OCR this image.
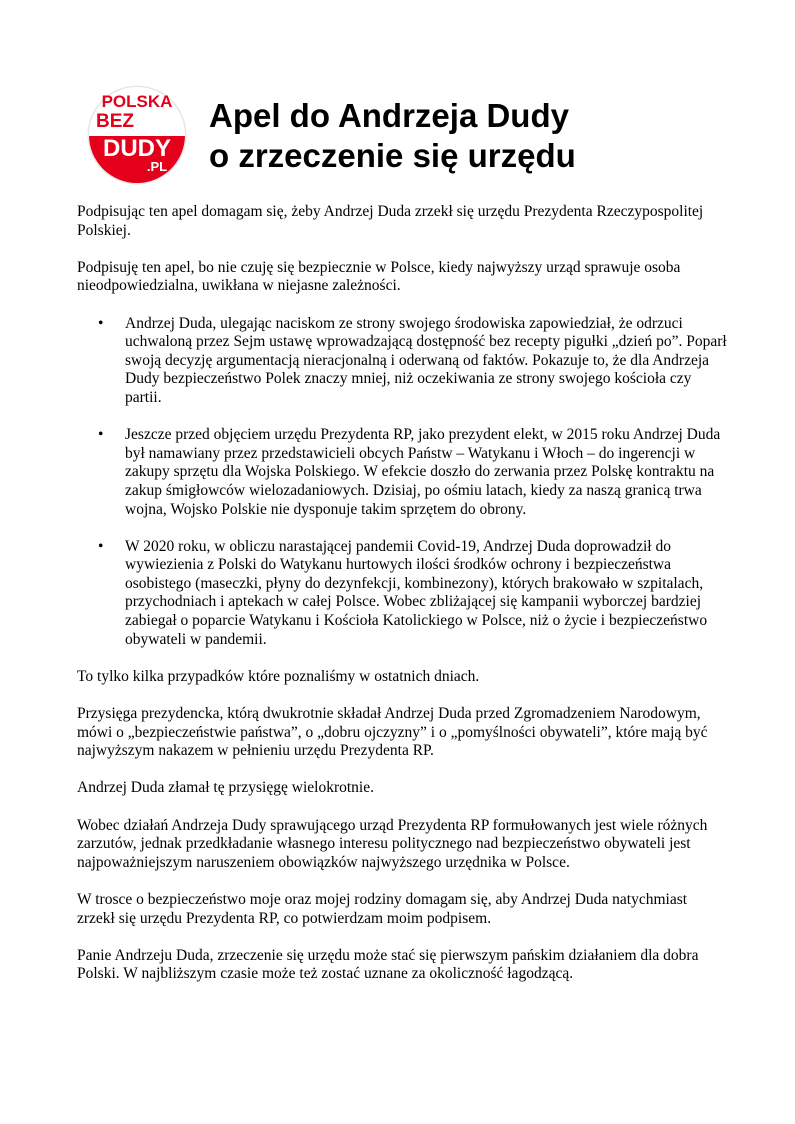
POLSKA
BEZ
DUDY
.PL
Apel do Andrzeja Dudy
o zrzeczenie się urzędu

Podpisując ten apel domagam się, żeby Andrzej Duda zrzekł się urzędu Prezydenta Rzeczypospolitej Polskiej.

Podpisuję ten apel, bo nie czuję się bezpiecznie w Polsce, kiedy najwyższy urząd sprawuje osoba nieodpowiedzialna, uwikłana w niejasne zależności.

• Andrzej Duda, ulegając naciskom ze strony swojego środowiska zapowiedział, że odrzuci uchwaloną przez Sejm ustawę wprowadzającą dostępność bez recepty pigułki „dzień po”. Poparł swoją decyzję argumentacją nieracjonalną i oderwaną od faktów. Pokazuje to, że dla Andrzeja Dudy bezpieczeństwo Polek znaczy mniej, niż oczekiwania ze strony swojego kościoła czy partii.
• Jeszcze przed objęciem urzędu Prezydenta RP, jako prezydent elekt, w 2015 roku Andrzej Duda był namawiany przez przedstawicieli obcych Państw – Watykanu i Włoch – do ingerencji w zakupy sprzętu dla Wojska Polskiego. W efekcie doszło do zerwania przez Polskę kontraktu na zakup śmigłowców wielozadaniowych. Dzisiaj, po ośmiu latach, kiedy za naszą granicą trwa wojna, Wojsko Polskie nie dysponuje takim sprzętem do obrony.
• W 2020 roku, w obliczu narastającej pandemii Covid-19, Andrzej Duda doprowadził do wywiezienia z Polski do Watykanu hurtowych ilości środków ochrony i bezpieczeństwa osobistego (maseczki, płyny do dezynfekcji, kombinezony), których brakowało w szpitalach, przychodniach i aptekach w całej Polsce. Wobec zbliżającej się kampanii wyborczej bardziej zabiegał o poparcie Watykanu i Kościoła Katolickiego w Polsce, niż o życie i bezpieczeństwo obywateli w pandemii.

To tylko kilka przypadków które poznaliśmy w ostatnich dniach.

Przysięga prezydencka, którą dwukrotnie składał Andrzej Duda przed Zgromadzeniem Narodowym, mówi o „bezpieczeństwie państwa”, o „dobru ojczyzny” i o „pomyślności obywateli”, które mają być najwyższym nakazem w pełnieniu urzędu Prezydenta RP.

Andrzej Duda złamał tę przysięgę wielokrotnie.

Wobec działań Andrzeja Dudy sprawującego urząd Prezydenta RP formułowanych jest wiele różnych zarzutów, jednak przedkładanie własnego interesu politycznego nad bezpieczeństwo obywateli jest najpoważniejszym naruszeniem obowiązków najwyższego urzędnika w Polsce.

W trosce o bezpieczeństwo moje oraz mojej rodziny domagam się, aby Andrzej Duda natychmiast zrzekł się urzędu Prezydenta RP, co potwierdzam moim podpisem.

Panie Andrzeju Duda, zrzeczenie się urzędu może stać się pierwszym pańskim działaniem dla dobra Polski. W najbliższym czasie może też zostać uznane za okoliczność łagodzącą.
